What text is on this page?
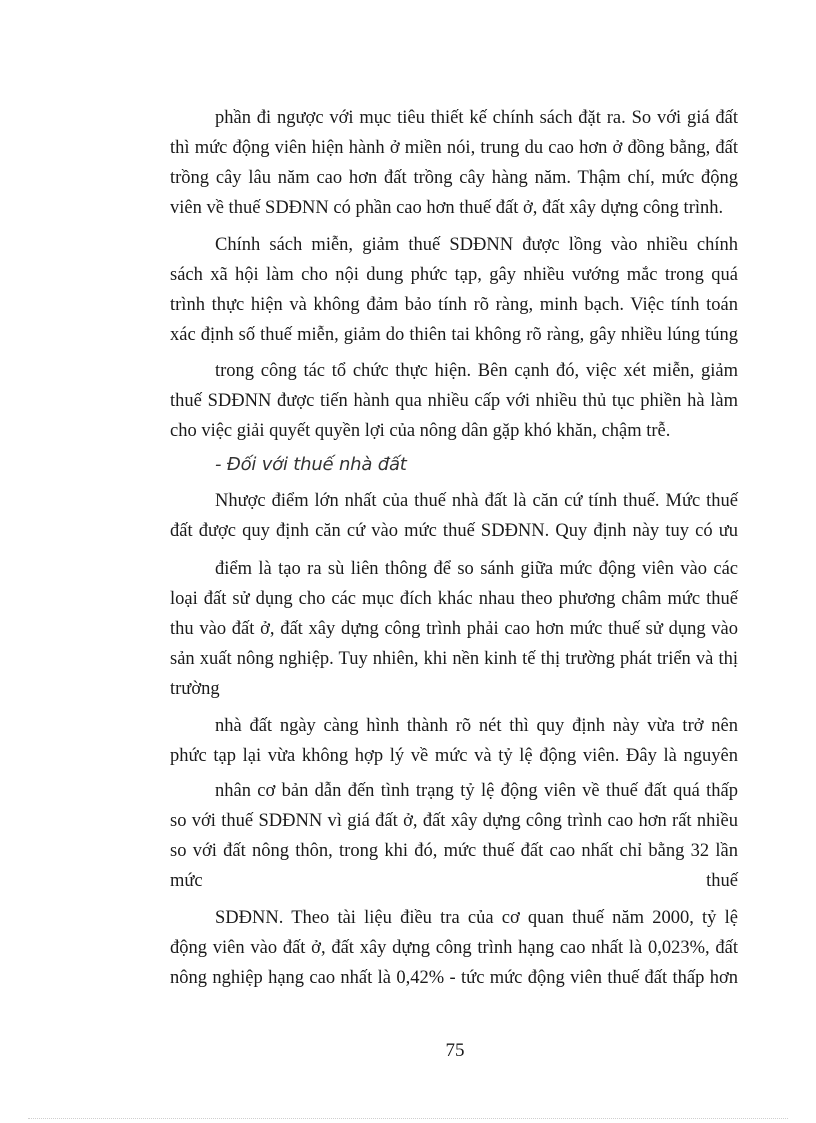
phần đi ngược với mục tiêu thiết kế chính sách đặt ra. So với giá đất
thì mức động viên hiện hành ở miền nói, trung du cao hơn ở đồng bằng, đất
trồng cây lâu năm cao hơn đất trồng cây hàng năm. Thậm chí, mức động
viên về thuế SDĐNN có phần cao hơn thuế đất ở, đất xây dựng công trình.
Chính sách miễn, giảm thuế SDĐNN được lồng vào nhiều chính
sách xã hội làm cho nội dung phức tạp, gây nhiều vướng mắc trong quá
trình thực hiện và không đảm bảo tính rõ ràng, minh bạch. Việc tính toán
xác định số thuế miễn, giảm do thiên tai không rõ ràng, gây nhiều lúng túng
trong công tác tổ chức thực hiện. Bên cạnh đó, việc xét miễn, giảm
thuế SDĐNN được tiến hành qua nhiều cấp với nhiều thủ tục phiền hà làm
cho việc giải quyết quyền lợi của nông dân gặp khó khăn, chậm trễ.
- Đối với thuế nhà đất
Nhược điểm lớn nhất của thuế nhà đất là căn cứ tính thuế. Mức thuế
đất được quy định căn cứ vào mức thuế SDĐNN. Quy định này tuy có ưu
điểm là tạo ra sù liên thông để so sánh giữa mức động viên vào các
loại đất sử dụng cho các mục đích khác nhau theo phương châm mức thuế
thu vào đất ở, đất xây dựng công trình phải cao hơn mức thuế sử dụng vào
sản xuất nông nghiệp. Tuy nhiên, khi nền kinh tế thị trường phát triển và thị
trường
nhà đất ngày càng hình thành rõ nét thì quy định này vừa trở nên
phức tạp lại vừa không hợp lý về mức và tỷ lệ động viên. Đây là nguyên
nhân cơ bản dẫn đến tình trạng tỷ lệ động viên về thuế đất quá thấp
so với thuế SDĐNN vì giá đất ở, đất xây dựng công trình cao hơn rất nhiều
so với đất nông thôn, trong khi đó, mức thuế đất cao nhất chỉ bằng 32 lần
mức thuế
SDĐNN. Theo tài liệu điều tra của cơ quan thuế năm 2000, tỷ lệ
động viên vào đất ở, đất xây dựng công trình hạng cao nhất là 0,023%, đất
nông nghiệp hạng cao nhất là 0,42% - tức mức động viên thuế đất thấp hơn
75
